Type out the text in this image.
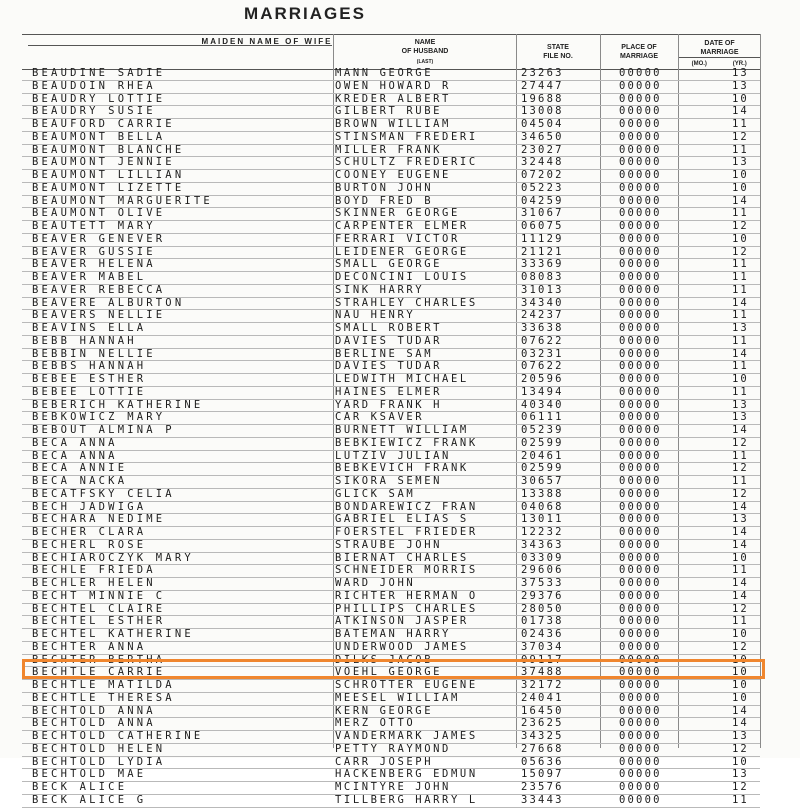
MARRIAGES
MAIDEN NAME OF WIFE	NAME
OF HUSBAND
(LAST)
STATE
FILE NO.
PLACE OF
MARRIAGE
DATE OF
MARRIAGE
(MO.)	(YR.)
BEAUDINE SADIE	MANN GEORGE	23263	00000	13
BEAUDOIN RHEA	OWEN HOWARD R	27447	00000	13
BEAUDRY LOTTIE	KREDER ALBERT	19688	00000	10
BEAUDRY SUSIE	GILBERT RUBE	13008	00000	14
BEAUFORD CARRIE	BROWN WILLIAM	04504	00000	11
BEAUMONT BELLA	STINSMAN FREDERI	34650	00000	12
BEAUMONT BLANCHE	MILLER FRANK	23027	00000	11
BEAUMONT JENNIE	SCHULTZ FREDERIC	32448	00000	13
BEAUMONT LILLIAN	COONEY EUGENE	07202	00000	10
BEAUMONT LIZETTE	BURTON JOHN	05223	00000	10
BEAUMONT MARGUERITE	BOYD FRED B	04259	00000	14
BEAUMONT OLIVE	SKINNER GEORGE	31067	00000	11
BEAUTETT MARY	CARPENTER ELMER	06075	00000	12
BEAVER GENEVER	FERRARI VICTOR	11129	00000	10
BEAVER GUSSIE	LEIDENER GEORGE	21121	00000	12
BEAVER HELENA	SMALL GEORGE	33369	00000	11
BEAVER MABEL	DECONCINI LOUIS	08083	00000	11
BEAVER REBECCA	SINK HARRY	31013	00000	11
BEAVERE ALBURTON	STRAHLEY CHARLES	34340	00000	14
BEAVERS NELLIE	NAU HENRY	24237	00000	11
BEAVINS ELLA	SMALL ROBERT	33638	00000	13
BEBB HANNAH	DAVIES TUDAR	07622	00000	11
BEBBIN NELLIE	BERLINE SAM	03231	00000	14
BEBBS HANNAH	DAVIES TUDAR	07622	00000	11
BEBEE ESTHER	LEDWITH MICHAEL	20596	00000	10
BEBEE LOTTIE	HAINES ELMER	13494	00000	11
BEBERICH KATHERINE	YARD FRANK H	40340	00000	13
BEBKOWICZ MARY	CAR KSAVER	06111	00000	13
BEBOUT ALMINA P	BURNETT WILLIAM	05239	00000	14
BECA ANNA	BEBKIEWICZ FRANK	02599	00000	12
BECA ANNA	LUTZIV JULIAN	20461	00000	11
BECA ANNIE	BEBKEVICH FRANK	02599	00000	12
BECA NACKA	SIKORA SEMEN	30657	00000	11
BECATFSKY CELIA	GLICK SAM	13388	00000	12
BECH JADWIGA	BONDAREWICZ FRAN	04068	00000	14
BECHARA NEDIME	GABRIEL ELIAS S	13011	00000	13
BECHER CLARA	FOERSTEL FRIEDER	12232	00000	14
BECHERL ROSE	STRAUBE JOHN	34363	00000	14
BECHIAROCZYK MARY	BIERNAT CHARLES	03309	00000	10
BECHLE FRIEDA	SCHNEIDER MORRIS	29606	00000	11
BECHLER HELEN	WARD JOHN	37533	00000	14
BECHT MINNIE C	RICHTER HERMAN O	29376	00000	14
BECHTEL CLAIRE	PHILLIPS CHARLES	28050	00000	12
BECHTEL ESTHER	ATKINSON JASPER	01738	00000	11
BECHTEL KATHERINE	BATEMAN HARRY	02436	00000	10
BECHTER ANNA	UNDERWOOD JAMES	37034	00000	12
BECHTER BERTHA	DILKS JACOB	09117	00000	10
BECHTLE CARRIE	VOEHL GEORGE	37488	00000	10
BECHTLE MATILDA	SCHROTTER EUGENE	32172	00000	10
BECHTLE THERESA	MEESEL WILLIAM	24041	00000	10
BECHTOLD ANNA	KERN GEORGE	16450	00000	14
BECHTOLD ANNA	MERZ OTTO	23625	00000	14
BECHTOLD CATHERINE	VANDERMARK JAMES	34325	00000	13
BECHTOLD HELEN	PETTY RAYMOND	27668	00000	12
BECHTOLD LYDIA	CARR JOSEPH	05636	00000	10
BECHTOLD MAE	HACKENBERG EDMUN	15097	00000	13
BECK ALICE	MCINTYRE JOHN	23576	00000	12
BECK ALICE G	TILLBERG HARRY L	33443	00000	11
